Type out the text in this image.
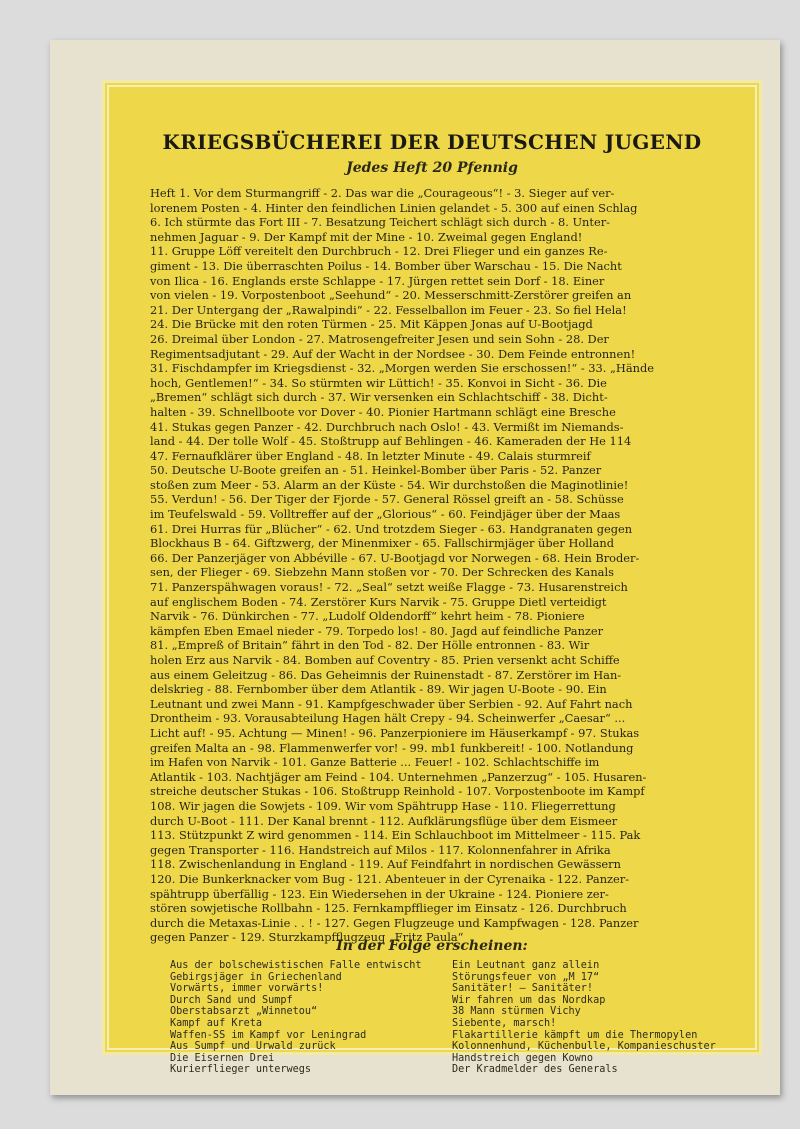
KRIEGSBÜCHEREI DER DEUTSCHEN JUGEND
Jedes Heft 20 Pfennig
Heft 1. Vor dem Sturmangriff - 2. Das war die „Courageous“! - 3. Sieger auf ver-
lorenem Posten - 4. Hinter den feindlichen Linien gelandet - 5. 300 auf einen Schlag
6. Ich stürmte das Fort III - 7. Besatzung Teichert schlägt sich durch - 8. Unter-
nehmen Jaguar - 9. Der Kampf mit der Mine - 10. Zweimal gegen England!
11. Gruppe Löff vereitelt den Durchbruch - 12. Drei Flieger und ein ganzes Re-
giment - 13. Die überraschten Poilus - 14. Bomber über Warschau - 15. Die Nacht
von Ilica - 16. Englands erste Schlappe - 17. Jürgen rettet sein Dorf - 18. Einer
von vielen - 19. Vorpostenboot „Seehund“ - 20. Messerschmitt-Zerstörer greifen an
21. Der Untergang der „Rawalpindi“ - 22. Fesselballon im Feuer - 23. So fiel Hela!
24. Die Brücke mit den roten Türmen - 25. Mit Käppen Jonas auf U-Bootjagd
26. Dreimal über London - 27. Matrosengefreiter Jesen und sein Sohn - 28. Der
Regimentsadjutant - 29. Auf der Wacht in der Nordsee - 30. Dem Feinde entronnen!
31. Fischdampfer im Kriegsdienst - 32. „Morgen werden Sie erschossen!“ - 33. „Hände
hoch, Gentlemen!“ - 34. So stürmten wir Lüttich! - 35. Konvoi in Sicht - 36. Die
„Bremen“ schlägt sich durch - 37. Wir versenken ein Schlachtschiff - 38. Dicht-
halten - 39. Schnellboote vor Dover - 40. Pionier Hartmann schlägt eine Bresche
41. Stukas gegen Panzer - 42. Durchbruch nach Oslo! - 43. Vermißt im Niemands-
land - 44. Der tolle Wolf - 45. Stoßtrupp auf Behlingen - 46. Kameraden der He 114
47. Fernaufklärer über England - 48. In letzter Minute - 49. Calais sturmreif
50. Deutsche U-Boote greifen an - 51. Heinkel-Bomber über Paris - 52. Panzer
stoßen zum Meer - 53. Alarm an der Küste - 54. Wir durchstoßen die Maginotlinie!
55. Verdun! - 56. Der Tiger der Fjorde - 57. General Rössel greift an - 58. Schüsse
im Teufelswald - 59. Volltreffer auf der „Glorious“ - 60. Feindjäger über der Maas
61. Drei Hurras für „Blücher“ - 62. Und trotzdem Sieger - 63. Handgranaten gegen
Blockhaus B - 64. Giftzwerg, der Minenmixer - 65. Fallschirmjäger über Holland
66. Der Panzerjäger von Abbéville - 67. U-Bootjagd vor Norwegen - 68. Hein Broder-
sen, der Flieger - 69. Siebzehn Mann stoßen vor - 70. Der Schrecken des Kanals
71. Panzerspähwagen voraus! - 72. „Seal“ setzt weiße Flagge - 73. Husarenstreich
auf englischem Boden - 74. Zerstörer Kurs Narvik - 75. Gruppe Dietl verteidigt
Narvik - 76. Dünkirchen - 77. „Ludolf Oldendorff“ kehrt heim - 78. Pioniere
kämpfen Eben Emael nieder - 79. Torpedo los! - 80. Jagd auf feindliche Panzer
81. „Empreß of Britain“ fährt in den Tod - 82. Der Hölle entronnen - 83. Wir
holen Erz aus Narvik - 84. Bomben auf Coventry - 85. Prien versenkt acht Schiffe
aus einem Geleitzug - 86. Das Geheimnis der Ruinenstadt - 87. Zerstörer im Han-
delskrieg - 88. Fernbomber über dem Atlantik - 89. Wir jagen U-Boote - 90. Ein
Leutnant und zwei Mann - 91. Kampfgeschwader über Serbien - 92. Auf Fahrt nach
Drontheim - 93. Vorausabteilung Hagen hält Crepy - 94. Scheinwerfer „Caesar“ ...
Licht auf! - 95. Achtung — Minen! - 96. Panzerpioniere im Häuserkampf - 97. Stukas
greifen Malta an - 98. Flammenwerfer vor! - 99. mb1 funkbereit! - 100. Notlandung
im Hafen von Narvik - 101. Ganze Batterie ... Feuer! - 102. Schlachtschiffe im
Atlantik - 103. Nachtjäger am Feind - 104. Unternehmen „Panzerzug“ - 105. Husaren-
streiche deutscher Stukas - 106. Stoßtrupp Reinhold - 107. Vorpostenboote im Kampf
108. Wir jagen die Sowjets - 109. Wir vom Spähtrupp Hase - 110. Fliegerrettung
durch U-Boot - 111. Der Kanal brennt - 112. Aufklärungsflüge über dem Eismeer
113. Stützpunkt Z wird genommen - 114. Ein Schlauchboot im Mittelmeer - 115. Pak
gegen Transporter - 116. Handstreich auf Milos - 117. Kolonnenfahrer in Afrika
118. Zwischenlandung in England - 119. Auf Feindfahrt in nordischen Gewässern
120. Die Bunkerknacker vom Bug - 121. Abenteuer in der Cyrenaika - 122. Panzer-
spähtrupp überfällig - 123. Ein Wiedersehen in der Ukraine - 124. Pioniere zer-
stören sowjetische Rollbahn - 125. Fernkampfflieger im Einsatz - 126. Durchbruch
durch die Metaxas-Linie . . ! - 127. Gegen Flugzeuge und Kampfwagen - 128. Panzer
gegen Panzer - 129. Sturzkampfflugzeug „Fritz Paula“
In der Folge erscheinen:
Aus der bolschewistischen Falle entwischt
Gebirgsjäger in Griechenland
Vorwärts, immer vorwärts!
Durch Sand und Sumpf
Oberstabsarzt „Winnetou“
Kampf auf Kreta
Waffen-SS im Kampf vor Leningrad
Aus Sumpf und Urwald zurück
Die Eisernen Drei
Kurierflieger unterwegs
Ein Leutnant ganz allein
Störungsfeuer von „M 17“
Sanitäter! — Sanitäter!
Wir fahren um das Nordkap
38 Mann stürmen Vichy
Siebente, marsch!
Flakartillerie kämpft um die Thermopylen
Kolonnenhund, Küchenbulle, Kompanieschuster
Handstreich gegen Kowno
Der Kradmelder des Generals
